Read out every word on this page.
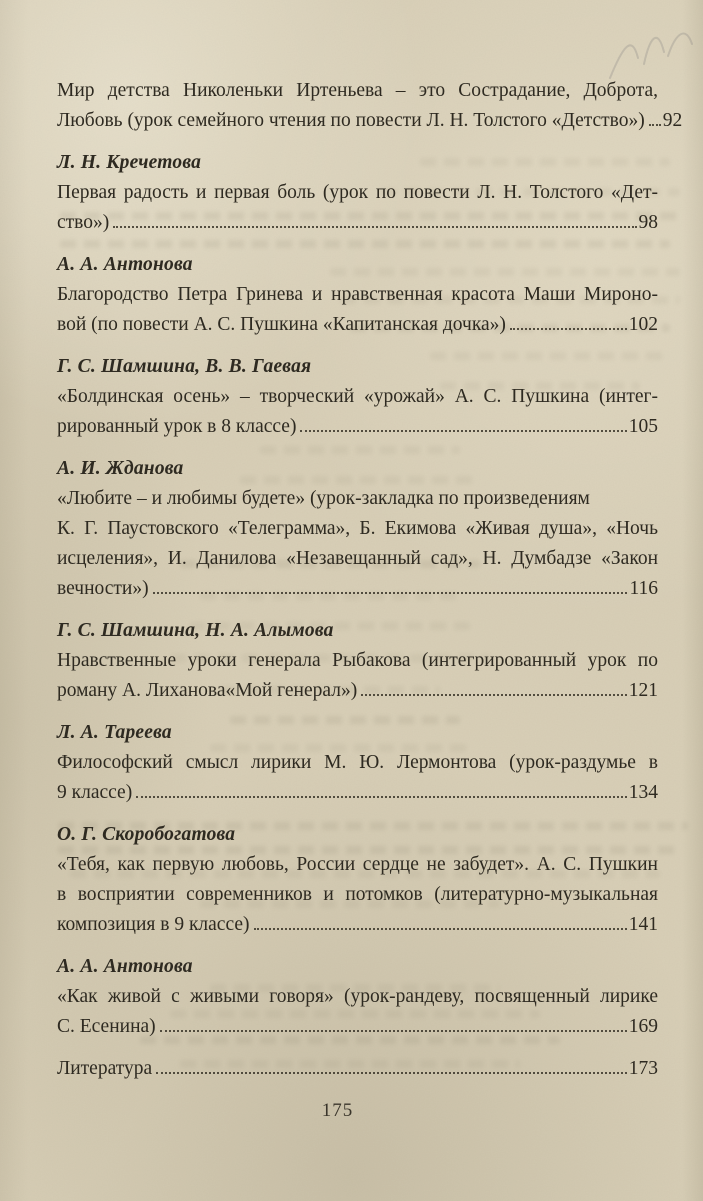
Мир детства Николеньки Иртеньева – это Сострадание, Доброта,
Любовь (урок семейного чтения по повести Л. Н. Толстого «Детство») 92
Л. Н. Кречетова
Первая радость и первая боль (урок по повести Л. Н. Толстого «Дет-
ство»)	98
А. А. Антонова
Благородство Петра Гринева и нравственная красота Маши Мироно-
вой (по повести А. С. Пушкина «Капитанская дочка»)	102
Г. С. Шамшина, В. В. Гаевая
«Болдинская осень» – творческий «урожай» А. С. Пушкина (интег-
рированный урок в 8 классе)	105
А. И. Жданова
«Любите – и любимы будете» (урок-закладка по произведениям
К. Г. Паустовского «Телеграмма», Б. Екимова «Живая душа», «Ночь
исцеления», И. Данилова «Незавещанный сад», Н. Думбадзе «Закон
вечности»)	116
Г. С. Шамшина, Н. А. Алымова
Нравственные уроки генерала Рыбакова (интегрированный урок по
роману А. Лиханова«Мой генерал»)	121
Л. А. Тареева
Философский смысл лирики М. Ю. Лермонтова (урок-раздумье в
9 классе)	134
О. Г. Скоробогатова
«Тебя, как первую любовь, России сердце не забудет». А. С. Пушкин
в восприятии современников и потомков (литературно-музыкальная
композиция в 9 классе)	141
А. А. Антонова
«Как живой с живыми говоря» (урок-рандеву, посвященный лирике
С. Есенина)	169
Литература	173
175
